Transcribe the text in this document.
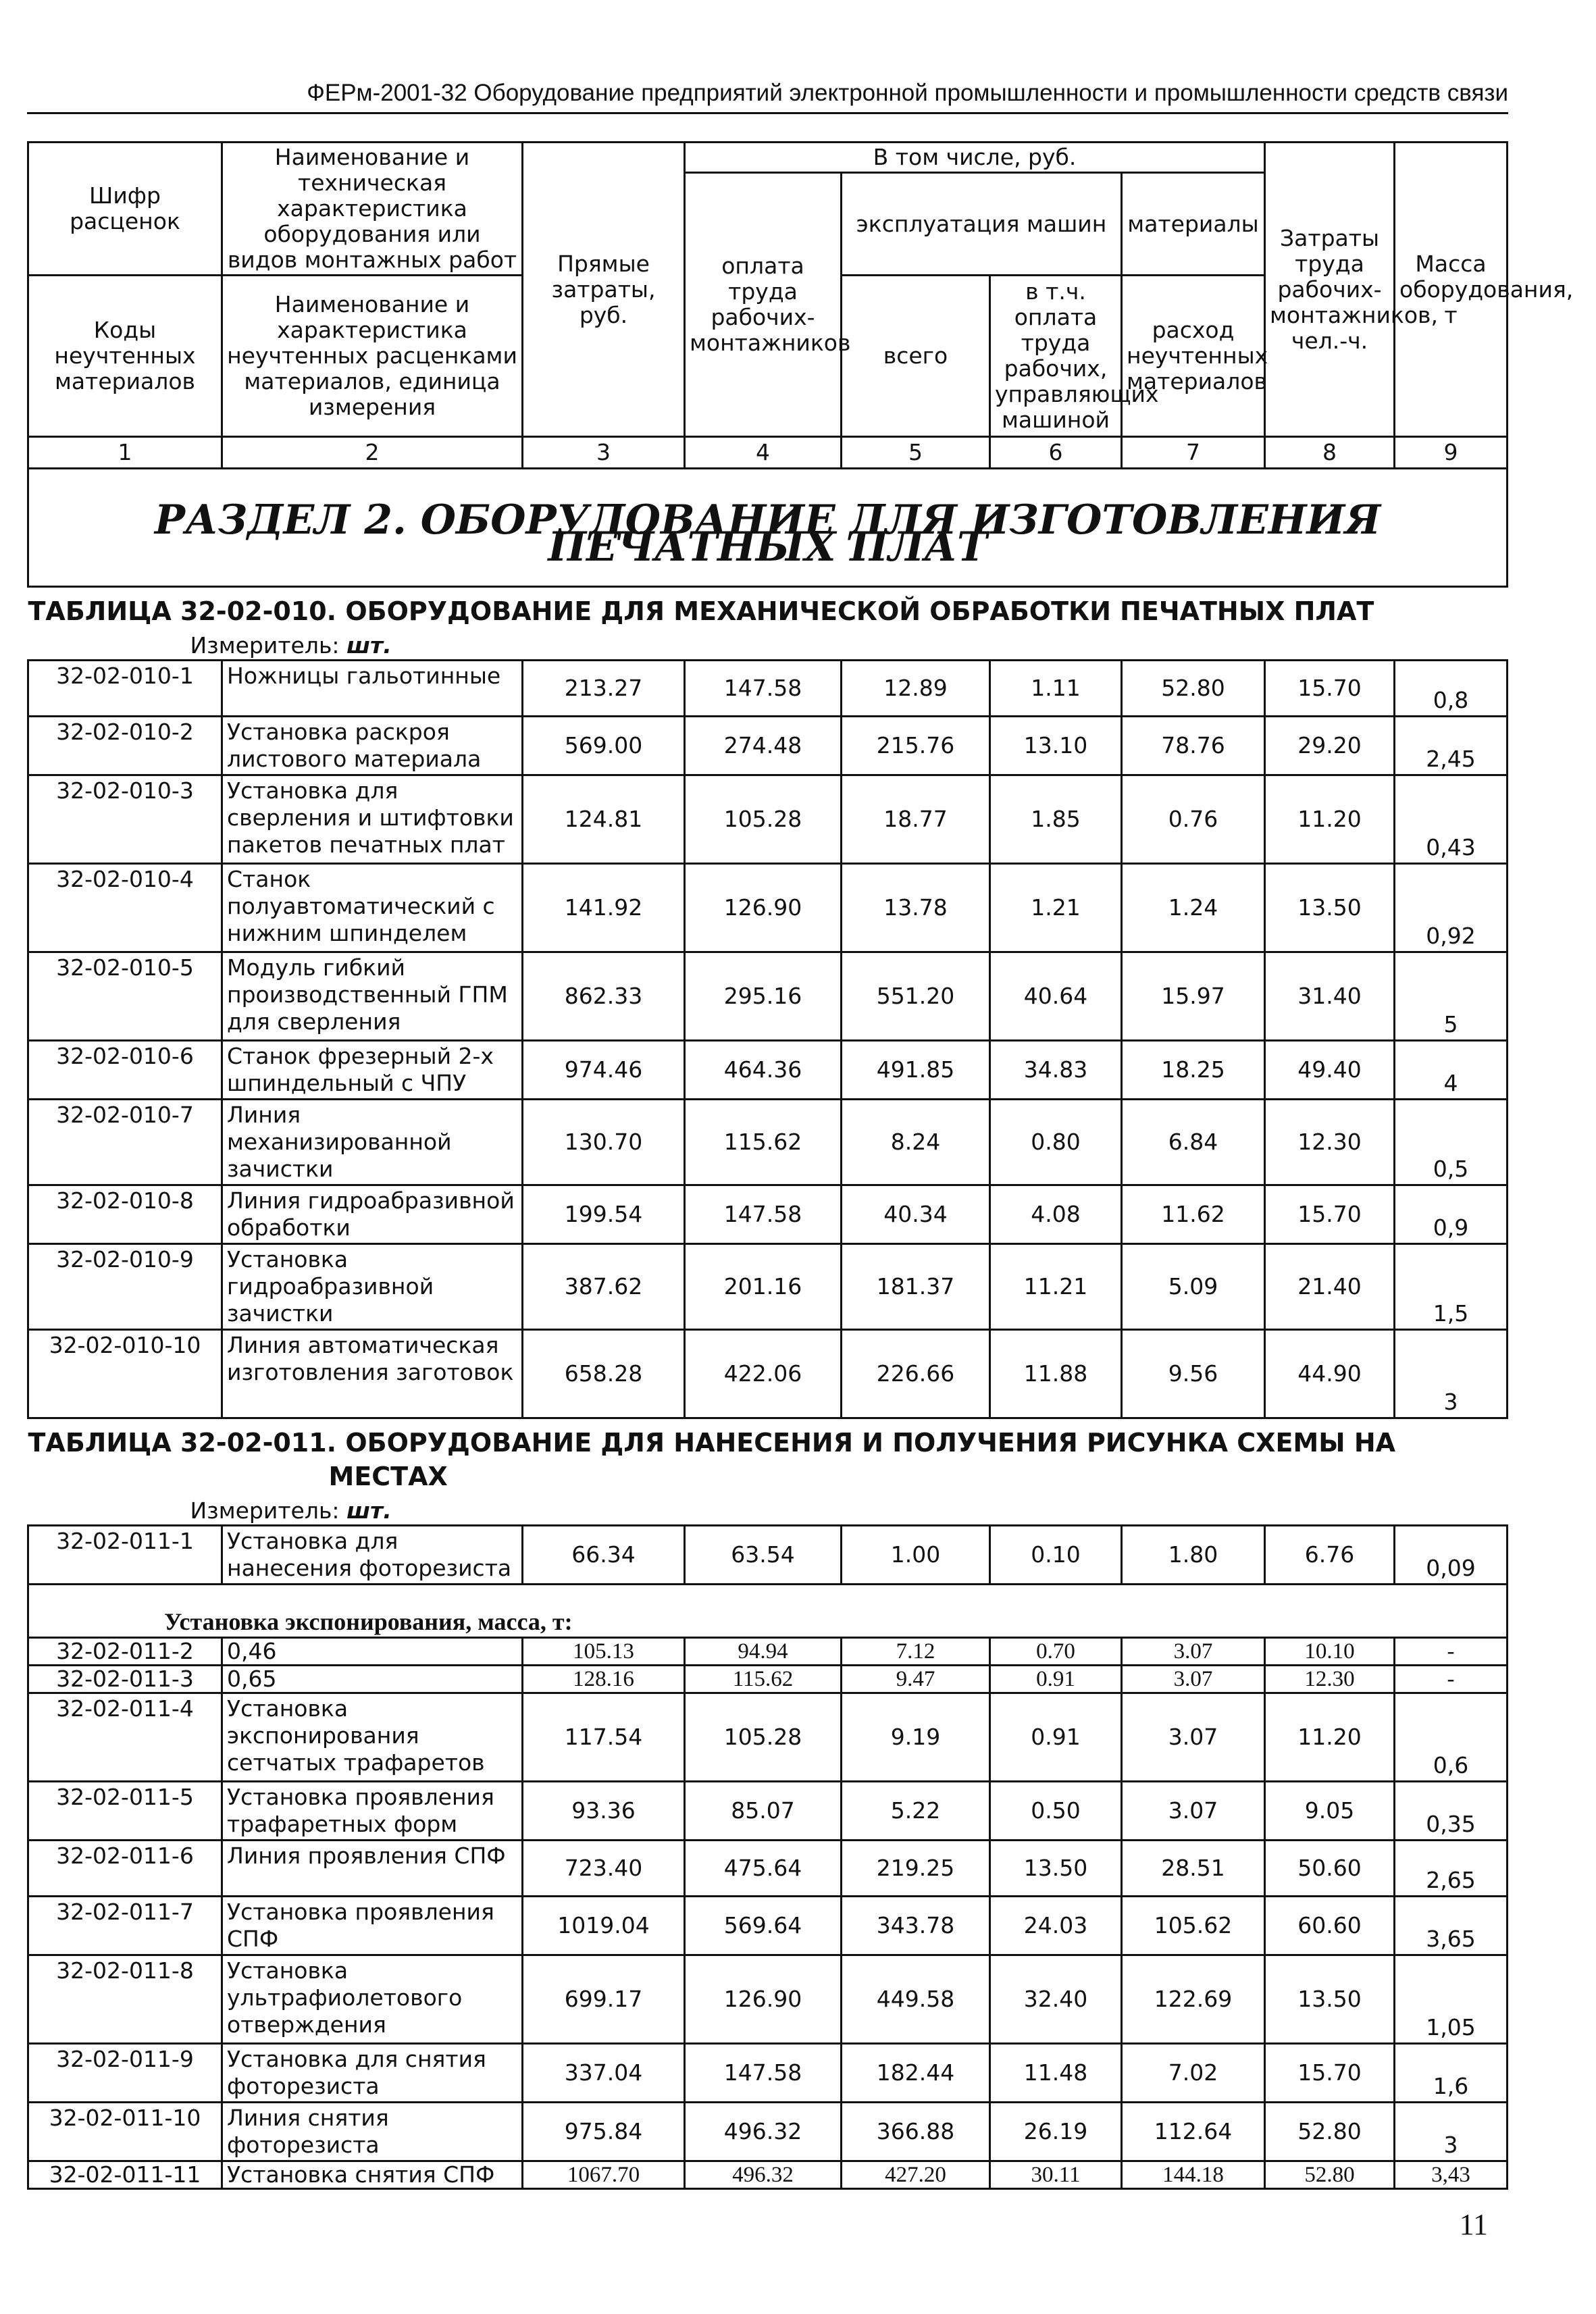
ФЕРм-2001-32 Оборудование предприятий электронной промышленности и промышленности средств связи
Шифр расценок	Наименование и техническая характеристика оборудования или видов монтажных работ	Прямые затраты, руб.	В том числе, руб.				Затраты труда рабочих-монтажников, чел.-ч.	Масса оборудования, т
			оплата труда рабочих-монтажников	эксплуатация машин		материалы		
Коды неучтенных материалов	Наименование и характеристика неучтенных расценками материалов, единица измерения			всего	в т.ч. оплата труда рабочих, управляющих машиной	расход неучтенных материалов		
1	2	3	4	5	6	7	8	9
РАЗДЕЛ 2. ОБОРУДОВАНИЕ ДЛЯ ИЗГОТОВЛЕНИЯ ПЕЧАТНЫХ ПЛАТ								
ТАБЛИЦА 32-02-010. ОБОРУДОВАНИЕ ДЛЯ МЕХАНИЧЕСКОЙ ОБРАБОТКИ ПЕЧАТНЫХ ПЛАТ								
Измеритель: шт.								
32-02-010-1	Ножницы гальотинные	213.27	147.58	12.89	1.11	52.80	15.70	0,8
32-02-010-2	Установка раскроя листового материала	569.00	274.48	215.76	13.10	78.76	29.20	2,45
32-02-010-3	Установка для сверления и штифтовки пакетов печатных плат	124.81	105.28	18.77	1.85	0.76	11.20	0,43
32-02-010-4	Станок полуавтоматический с нижним шпинделем	141.92	126.90	13.78	1.21	1.24	13.50	0,92
32-02-010-5	Модуль гибкий производственный ГПМ для сверления	862.33	295.16	551.20	40.64	15.97	31.40	5
32-02-010-6	Станок фрезерный 2-х шпиндельный с ЧПУ	974.46	464.36	491.85	34.83	18.25	49.40	4
32-02-010-7	Линия механизированной зачистки	130.70	115.62	8.24	0.80	6.84	12.30	0,5
32-02-010-8	Линия гидроабразивной обработки	199.54	147.58	40.34	4.08	11.62	15.70	0,9
32-02-010-9	Установка гидроабразивной зачистки	387.62	201.16	181.37	11.21	5.09	21.40	1,5
32-02-010-10	Линия автоматическая изготовления заготовок	658.28	422.06	226.66	11.88	9.56	44.90	3
ТАБЛИЦА 32-02-011. ОБОРУДОВАНИЕ ДЛЯ НАНЕСЕНИЯ И ПОЛУЧЕНИЯ РИСУНКА СХЕМЫ НА
МЕСТАХ								

Измеритель: шт.								
32-02-011-1	Установка для нанесения фоторезиста	66.34	63.54	1.00	0.10	1.80	6.76	0,09
Установка экспонирования, масса, т:								
32-02-011-2	0,46	105.13	94.94	7.12	0.70	3.07	10.10	-
32-02-011-3	0,65	128.16	115.62	9.47	0.91	3.07	12.30	-
32-02-011-4	Установка экспонирования сетчатых трафаретов	117.54	105.28	9.19	0.91	3.07	11.20	0,6
32-02-011-5	Установка проявления трафаретных форм	93.36	85.07	5.22	0.50	3.07	9.05	0,35
32-02-011-6	Линия проявления СПФ	723.40	475.64	219.25	13.50	28.51	50.60	2,65
32-02-011-7	Установка проявления СПФ	1019.04	569.64	343.78	24.03	105.62	60.60	3,65
32-02-011-8	Установка ультрафиолетового отверждения	699.17	126.90	449.58	32.40	122.69	13.50	1,05
32-02-011-9	Установка для снятия фоторезиста	337.04	147.58	182.44	11.48	7.02	15.70	1,6
32-02-011-10	Линия снятия фоторезиста	975.84	496.32	366.88	26.19	112.64	52.80	3
32-02-011-11	Установка снятия СПФ	1067.70	496.32	427.20	30.11	144.18	52.80	3,43
11
